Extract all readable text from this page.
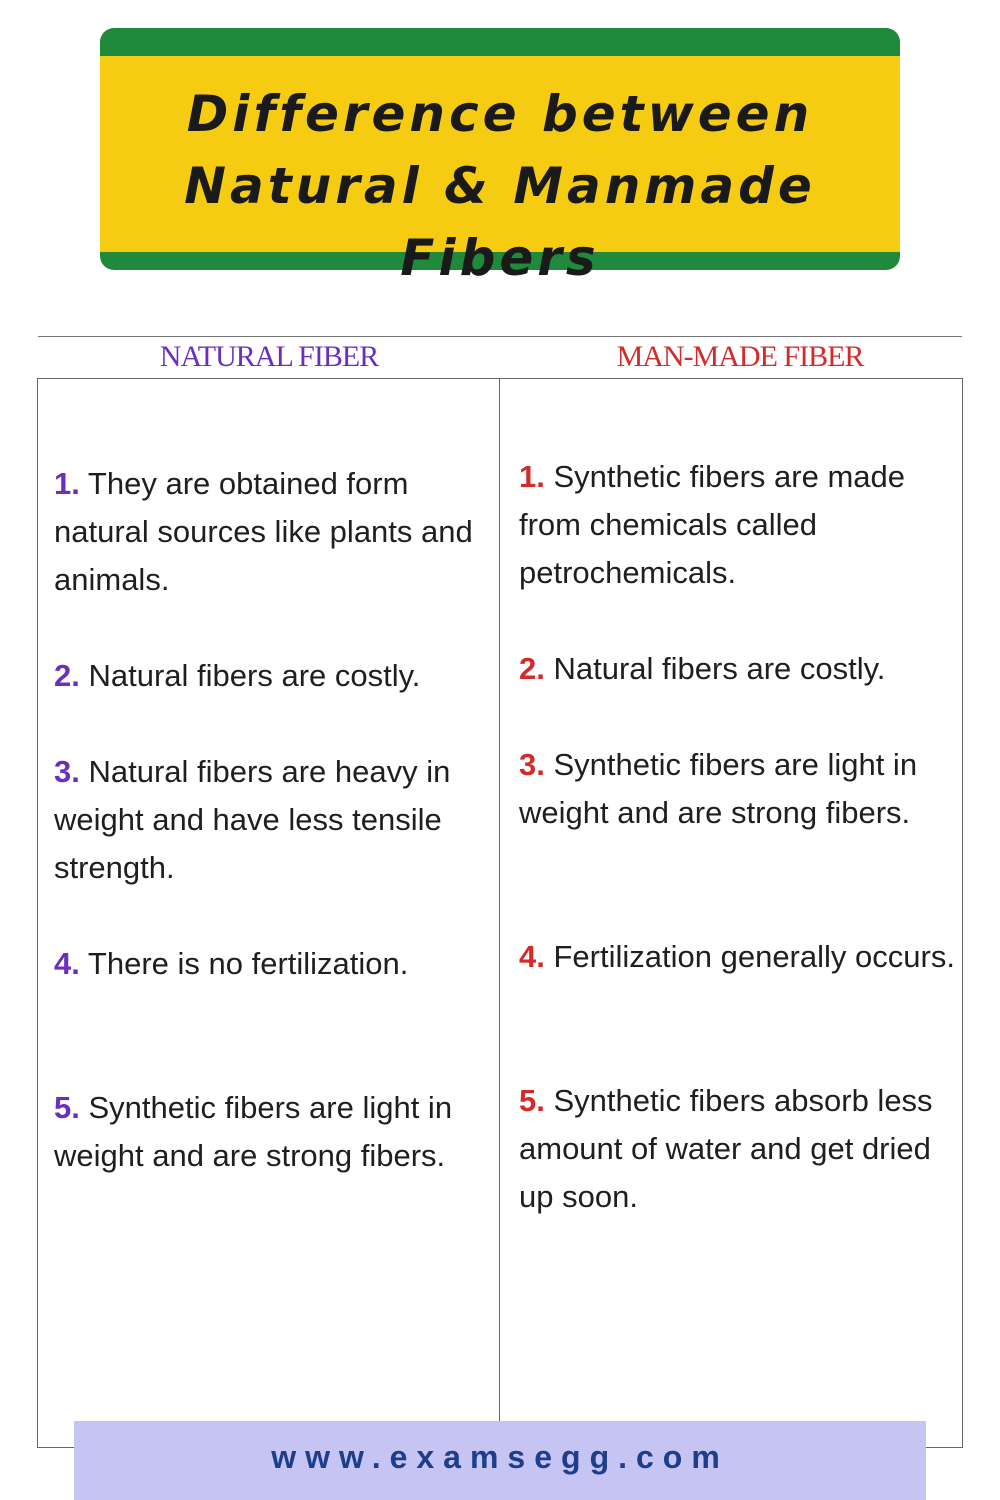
Difference between
Natural & Manmade Fibers
NATURAL FIBER	MAN-MADE FIBER
1. They are obtained form natural sources like plants and animals.
2. Natural fibers are costly.
3. Natural fibers are heavy in weight and have less tensile strength.
4. There is no fertilization.
5. Synthetic fibers are light in weight and are strong fibers.
1. Synthetic fibers are made from chemicals called petrochemicals.
2. Natural fibers are costly.
3. Synthetic fibers are light in weight and are strong fibers.
4. Fertilization generally occurs.
5. Synthetic fibers absorb less amount of water and get dried up soon.
www.examsegg.com
